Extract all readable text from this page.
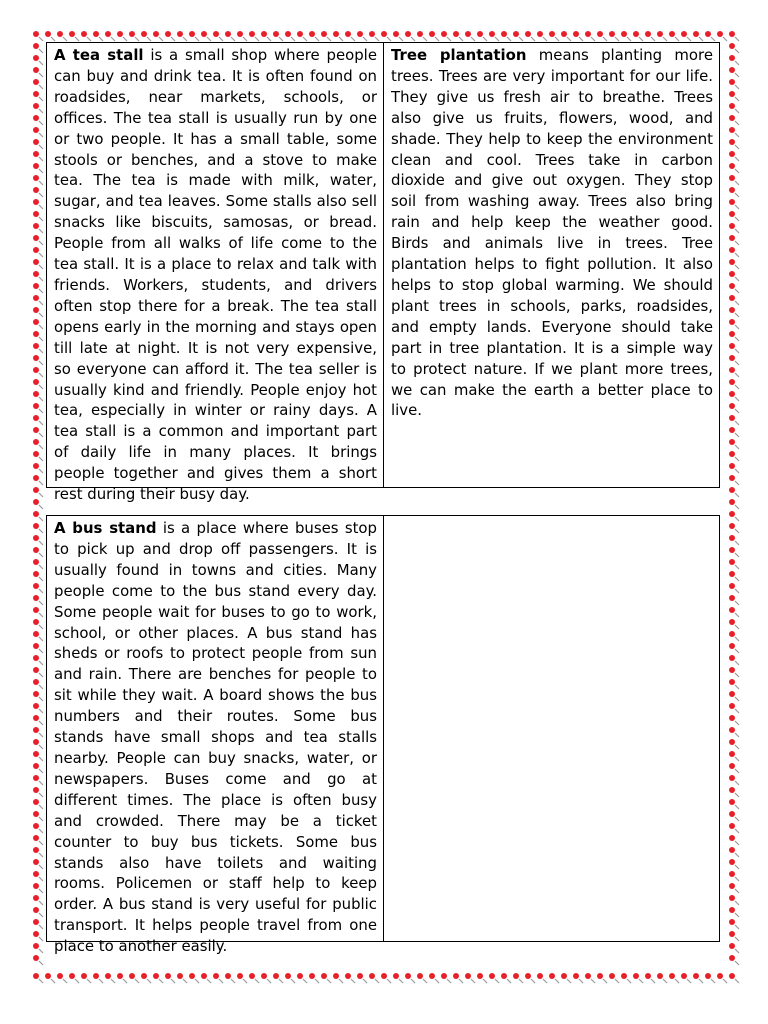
A tea stall is a small shop where people can buy and drink tea. It is often found on roadsides, near markets, schools, or offices. The tea stall is usually run by one or two people. It has a small table, some stools or benches, and a stove to make tea. The tea is made with milk, water, sugar, and tea leaves. Some stalls also sell snacks like biscuits, samosas, or bread. People from all walks of life come to the tea stall. It is a place to relax and talk with friends. Workers, students, and drivers often stop there for a break. The tea stall opens early in the morning and stays open till late at night. It is not very expensive, so everyone can afford it. The tea seller is usually kind and friendly. People enjoy hot tea, especially in winter or rainy days. A tea stall is a common and important part of daily life in many places. It brings people together and gives them a short rest during their busy day.
Tree plantation means planting more trees. Trees are very important for our life. They give us fresh air to breathe. Trees also give us fruits, flowers, wood, and shade. They help to keep the environment clean and cool. Trees take in carbon dioxide and give out oxygen. They stop soil from washing away. Trees also bring rain and help keep the weather good. Birds and animals live in trees. Tree plantation helps to fight pollution. It also helps to stop global warming. We should plant trees in schools, parks, roadsides, and empty lands. Everyone should take part in tree plantation. It is a simple way to protect nature. If we plant more trees, we can make the earth a better place to live.
A bus stand is a place where buses stop to pick up and drop off passengers. It is usually found in towns and cities. Many people come to the bus stand every day. Some people wait for buses to go to work, school, or other places. A bus stand has sheds or roofs to protect people from sun and rain. There are benches for people to sit while they wait. A board shows the bus numbers and their routes. Some bus stands have small shops and tea stalls nearby. People can buy snacks, water, or newspapers. Buses come and go at different times. The place is often busy and crowded. There may be a ticket counter to buy bus tickets. Some bus stands also have toilets and waiting rooms. Policemen or staff help to keep order. A bus stand is very useful for public transport. It helps people travel from one place to another easily.
